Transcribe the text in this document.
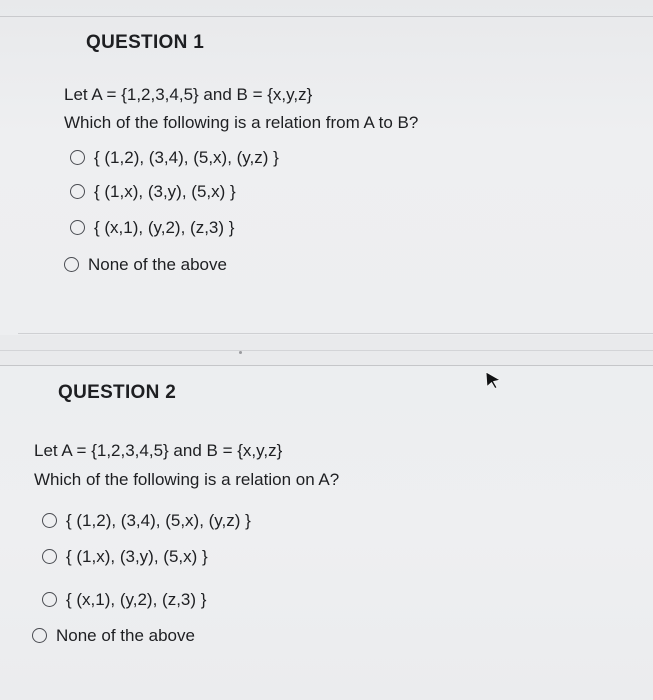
QUESTION 1
Let A = {1,2,3,4,5} and B = {x,y,z}
Which of the following is a relation from A to B?
{ (1,2), (3,4), (5,x), (y,z) }
{ (1,x), (3,y), (5,x) }
{ (x,1), (y,2), (z,3) }
None of the above
QUESTION 2
Let A = {1,2,3,4,5} and B = {x,y,z}
Which of the following is a relation on A?
{ (1,2), (3,4), (5,x), (y,z) }
{ (1,x), (3,y), (5,x) }
{ (x,1), (y,2), (z,3) }
None of the above
